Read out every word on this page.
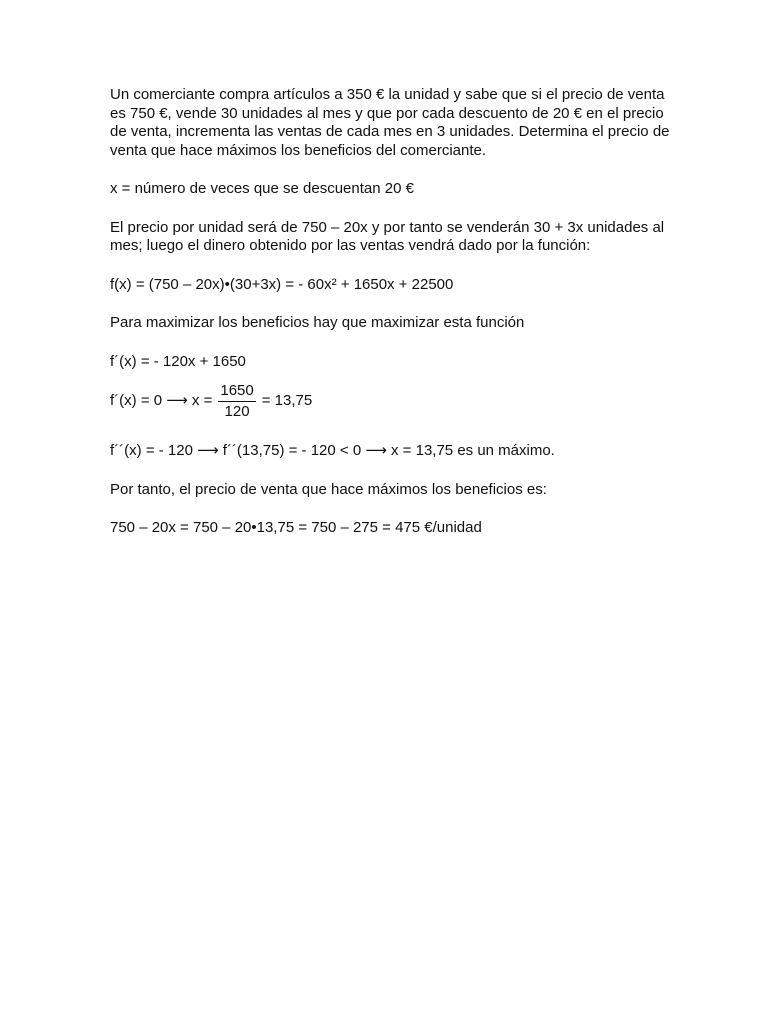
Un comerciante compra artículos a 350 € la unidad y sabe que si el precio de venta
es 750 €, vende 30 unidades al mes y que por cada descuento de 20 € en el precio
de venta, incrementa las ventas de cada mes en 3 unidades. Determina el precio de
venta que hace máximos los beneficios del comerciante.
x = número de veces que se descuentan 20 €
El precio por unidad será de 750 – 20x y por tanto se venderán 30 + 3x unidades al
mes; luego el dinero obtenido por las ventas vendrá dado por la función:
f(x) = (750 – 20x)•(30+3x) = - 60x² + 1650x + 22500
Para maximizar los beneficios hay que maximizar esta función
f´(x) = - 120x + 1650
f´(x) = 0 ⟶ $x = \frac{1650}{120} = 13,75$
f´´(x) = - 120 ⟶ f´´(13,75) = - 120 < 0 ⟶ x = 13,75 es un máximo.
Por tanto, el precio de venta que hace máximos los beneficios es:
750 – 20x = 750 – 20•13,75 = 750 – 275 = 475 €/unidad
